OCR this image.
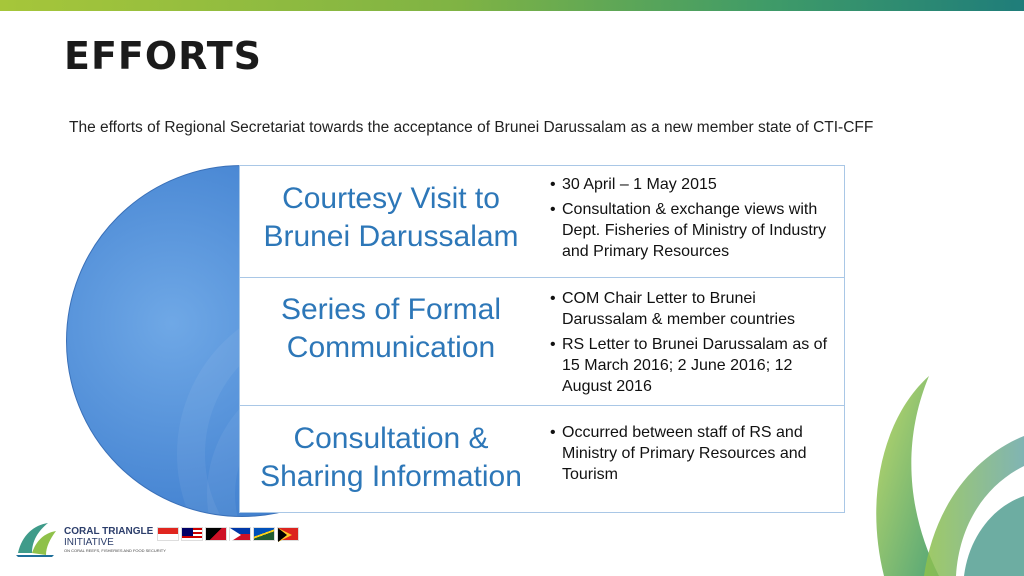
EFFORTS
The efforts of Regional Secretariat towards the acceptance of Brunei Darussalam as a new member state of CTI-CFF
Courtesy Visit to
Brunei Darussalam
• 30 April – 1 May 2015
• Consultation & exchange views with Dept. Fisheries of Ministry of Industry and Primary Resources
Series of Formal
Communication
• COM Chair Letter to Brunei Darussalam & member countries
• RS Letter to Brunei Darussalam as of 15 March 2016; 2 June 2016; 12 August 2016
Consultation &
Sharing Information
• Occurred between staff of RS and Ministry of Primary Resources and Tourism
CORAL TRIANGLE
INITIATIVE
ON CORAL REEFS, FISHERIES AND FOOD SECURITY
